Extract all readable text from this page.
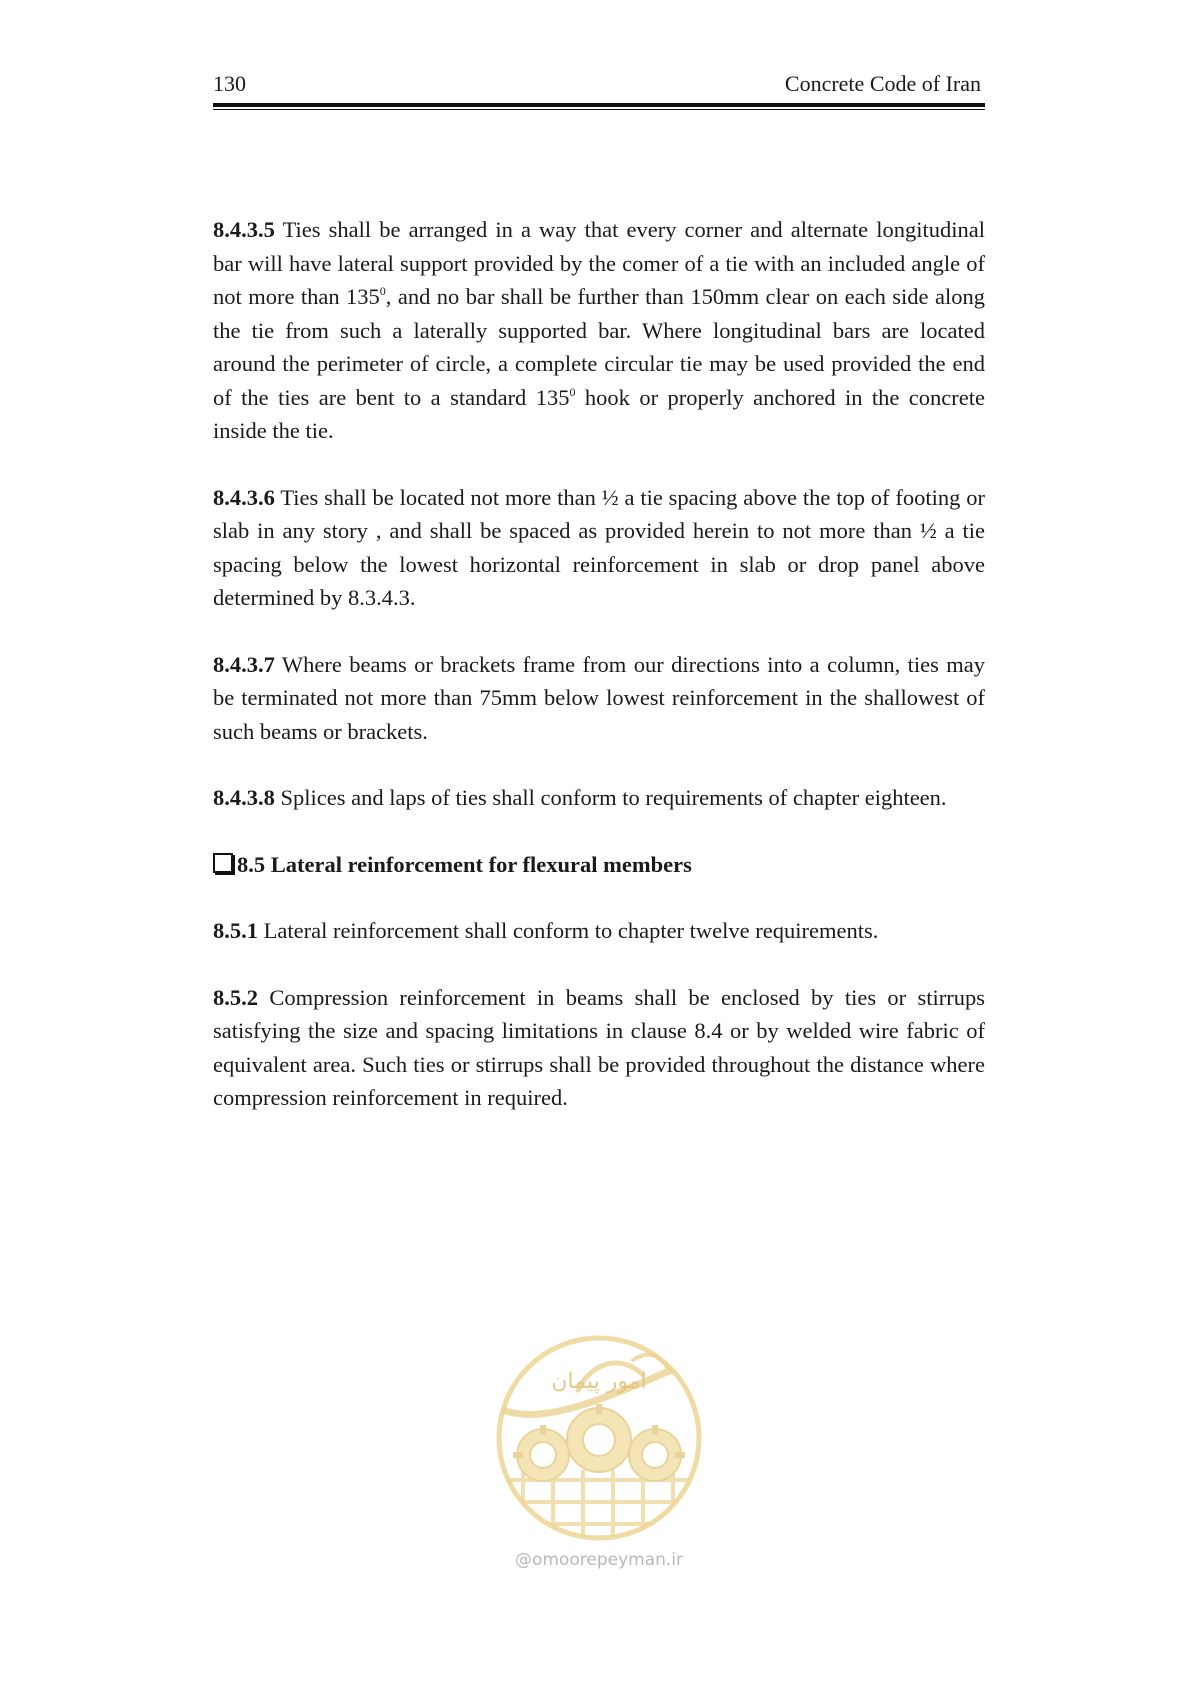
130	Concrete Code of Iran

8.4.3.5 Ties shall be arranged in a way that every corner and alternate longitudinal bar will have lateral support provided by the comer of a tie with an included angle of not more than $135^0$, and no bar shall be further than 150mm clear on each side along the tie from such a laterally supported bar. Where longitudinal bars are located around the perimeter of circle, a complete circular tie may be used provided the end of the ties are bent to a standard $135^0$ hook or properly anchored in the concrete inside the tie.

8.4.3.6 Ties shall be located not more than ½ a tie spacing above the top of footing or slab in any story , and shall be spaced as provided herein to not more than ½ a tie spacing below the lowest horizontal reinforcement in slab or drop panel above determined by 8.3.4.3.

8.4.3.7 Where beams or brackets frame from our directions into a column, ties may be terminated not more than 75mm below lowest reinforcement in the shallowest of such beams or brackets.

8.4.3.8 Splices and laps of ties shall conform to requirements of chapter eighteen.

8.5 Lateral reinforcement for flexural members

8.5.1 Lateral reinforcement shall conform to chapter twelve requirements.

8.5.2 Compression reinforcement in beams shall be enclosed by ties or stirrups satisfying the size and spacing limitations in clause 8.4 or by welded wire fabric of equivalent area. Such ties or stirrups shall be provided throughout the distance where compression reinforcement in required.

امور پیمان
@omoorepeyman.ir
